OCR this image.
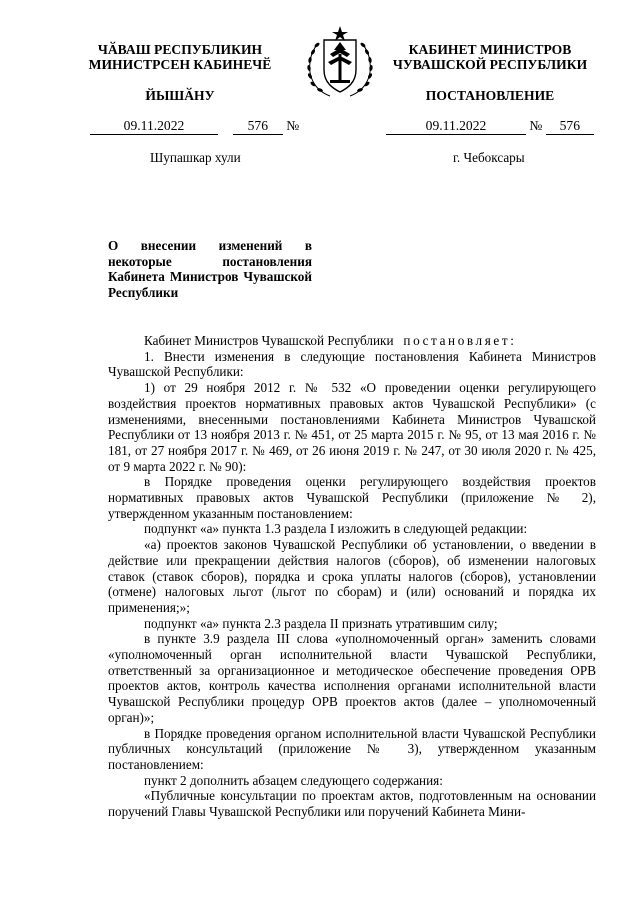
ЧӐВАШ РЕСПУБЛИКИН
МИНИСТРСЕН КАБИНЕЧӖ
ЙЫШӐНУ
КАБИНЕТ МИНИСТРОВ
ЧУВАШСКОЙ РЕСПУБЛИКИ
ПОСТАНОВЛЕНИЕ
09.11.2022	576 №	09.11.2022	№ 576
Шупашкар хули	г. Чебоксары
О внесении изменений в некоторые постановления Кабинета Министров Чувашской Республики

Кабинет Министров Чувашской Республики постановляет:

1. Внести изменения в следующие постановления Кабинета Министров Чувашской Республики:

1) от 29 ноября 2012 г. № 532 «О проведении оценки регулирующего воздействия проектов нормативных правовых актов Чувашской Республики» (с изменениями, внесенными постановлениями Кабинета Министров Чувашской Республики от 13 ноября 2013 г. № 451, от 25 марта 2015 г. № 95, от 13 мая 2016 г. № 181, от 27 ноября 2017 г. № 469, от 26 июня 2019 г. № 247, от 30 июля 2020 г. № 425, от 9 марта 2022 г. № 90):

в Порядке проведения оценки регулирующего воздействия проектов нормативных правовых актов Чувашской Республики (приложение № 2), утвержденном указанным постановлением:

подпункт «а» пункта 1.3 раздела I изложить в следующей редакции:

«а) проектов законов Чувашской Республики об установлении, о введении в действие или прекращении действия налогов (сборов), об изменении налоговых ставок (ставок сборов), порядка и срока уплаты налогов (сборов), установлении (отмене) налоговых льгот (льгот по сборам) и (или) оснований и порядка их применения;»;

подпункт «а» пункта 2.3 раздела II признать утратившим силу;

в пункте 3.9 раздела III слова «уполномоченный орган» заменить словами «уполномоченный орган исполнительной власти Чувашской Республики, ответственный за организационное и методическое обеспечение проведения ОРВ проектов актов, контроль качества исполнения органами исполнительной власти Чувашской Республики процедур ОРВ проектов актов (далее – уполномоченный орган)»;

в Порядке проведения органом исполнительной власти Чувашской Республики публичных консультаций (приложение № 3), утвержденном указанным постановлением:

пункт 2 дополнить абзацем следующего содержания:

«Публичные консультации по проектам актов, подготовленным на основании поручений Главы Чувашской Республики или поручений Кабинета Мини-
